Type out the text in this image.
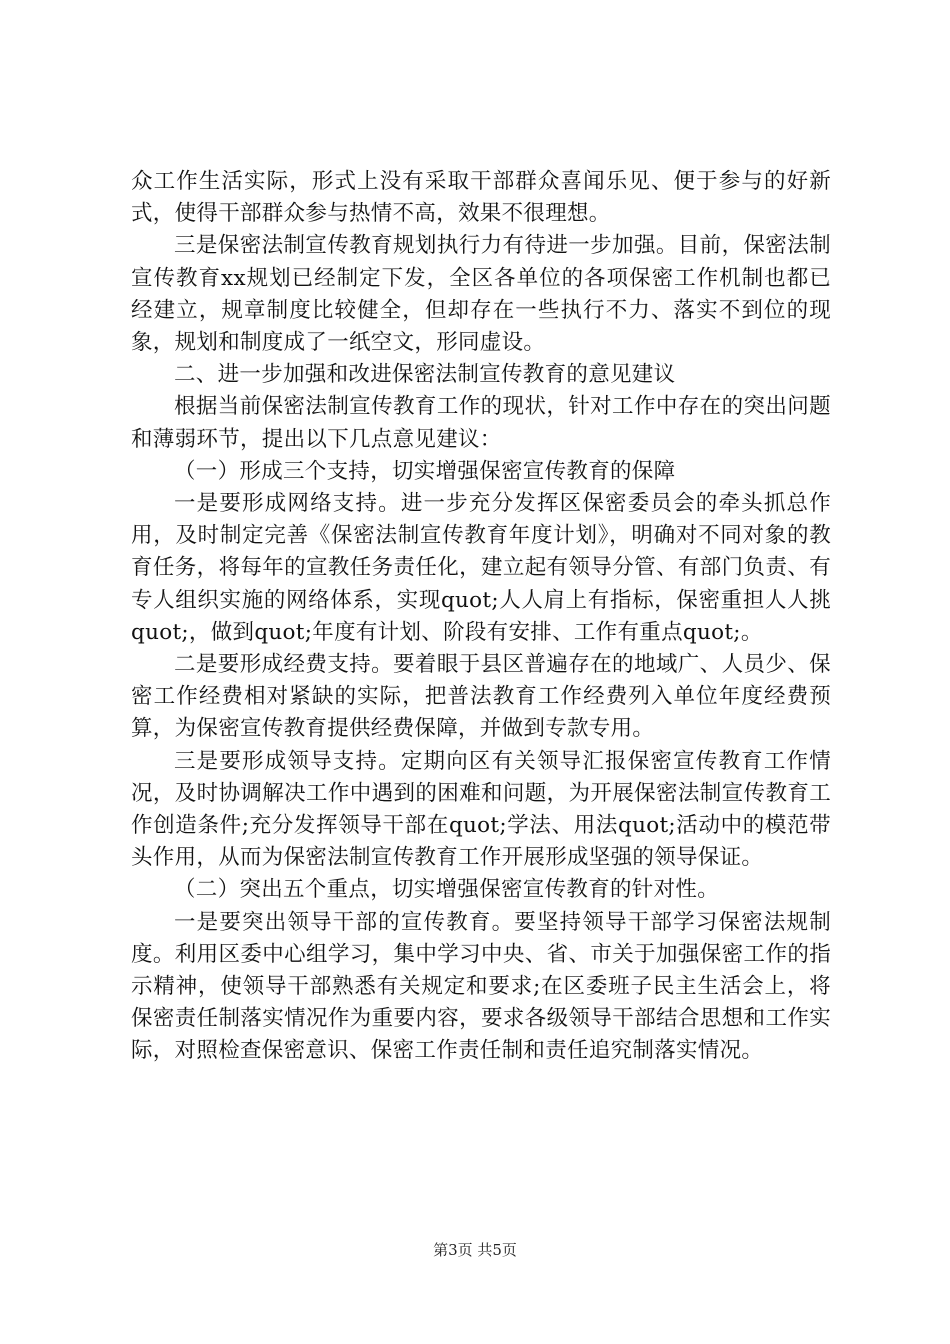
众工作生活实际，形式上没有采取干部群众喜闻乐见、便于参与的好新式，使得干部群众参与热情不高，效果不很理想。

三是保密法制宣传教育规划执行力有待进一步加强。目前，保密法制宣传教育xx规划已经制定下发，全区各单位的各项保密工作机制也都已经建立，规章制度比较健全，但却存在一些执行不力、落实不到位的现象，规划和制度成了一纸空文，形同虚设。

二、进一步加强和改进保密法制宣传教育的意见建议

根据当前保密法制宣传教育工作的现状，针对工作中存在的突出问题和薄弱环节，提出以下几点意见建议：

（一）形成三个支持，切实增强保密宣传教育的保障

一是要形成网络支持。进一步充分发挥区保密委员会的牵头抓总作用，及时制定完善《保密法制宣传教育年度计划》，明确对不同对象的教育任务，将每年的宣教任务责任化，建立起有领导分管、有部门负责、有专人组织实施的网络体系，实现quot;人人肩上有指标，保密重担人人挑quot;，做到quot;年度有计划、阶段有安排、工作有重点quot;。

二是要形成经费支持。要着眼于县区普遍存在的地域广、人员少、保密工作经费相对紧缺的实际，把普法教育工作经费列入单位年度经费预算，为保密宣传教育提供经费保障，并做到专款专用。

三是要形成领导支持。定期向区有关领导汇报保密宣传教育工作情况，及时协调解决工作中遇到的困难和问题，为开展保密法制宣传教育工作创造条件;充分发挥领导干部在quot;学法、用法quot;活动中的模范带头作用，从而为保密法制宣传教育工作开展形成坚强的领导保证。

（二）突出五个重点，切实增强保密宣传教育的针对性。

一是要突出领导干部的宣传教育。要坚持领导干部学习保密法规制度。利用区委中心组学习，集中学习中央、省、市关于加强保密工作的指示精神，使领导干部熟悉有关规定和要求;在区委班子民主生活会上，将保密责任制落实情况作为重要内容，要求各级领导干部结合思想和工作实际，对照检查保密意识、保密工作责任制和责任追究制落实情况。

第3页 共5页
